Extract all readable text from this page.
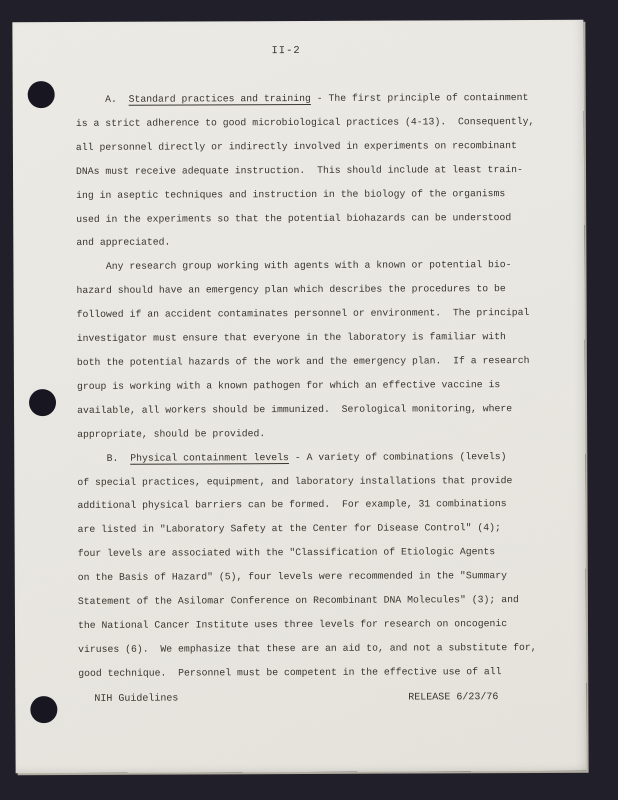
II-2
A.  Standard practices and training - The first principle of containment
is a strict adherence to good microbiological practices (4-13).  Consequently,
all personnel directly or indirectly involved in experiments on recombinant
DNAs must receive adequate instruction.  This should include at least train-
ing in aseptic techniques and instruction in the biology of the organisms
used in the experiments so that the potential biohazards can be understood
and appreciated.
Any research group working with agents with a known or potential bio-
hazard should have an emergency plan which describes the procedures to be
followed if an accident contaminates personnel or environment.  The principal
investigator must ensure that everyone in the laboratory is familiar with
both the potential hazards of the work and the emergency plan.  If a research
group is working with a known pathogen for which an effective vaccine is
available, all workers should be immunized.  Serological monitoring, where
appropriate, should be provided.
B.  Physical containment levels - A variety of combinations (levels)
of special practices, equipment, and laboratory installations that provide
additional physical barriers can be formed.  For example, 31 combinations
are listed in "Laboratory Safety at the Center for Disease Control" (4);
four levels are associated with the "Classification of Etiologic Agents
on the Basis of Hazard" (5), four levels were recommended in the "Summary
Statement of the Asilomar Conference on Recombinant DNA Molecules" (3); and
the National Cancer Institute uses three levels for research on oncogenic
viruses (6).  We emphasize that these are an aid to, and not a substitute for,
good technique.  Personnel must be competent in the effective use of all
NIH Guidelines	RELEASE 6/23/76
